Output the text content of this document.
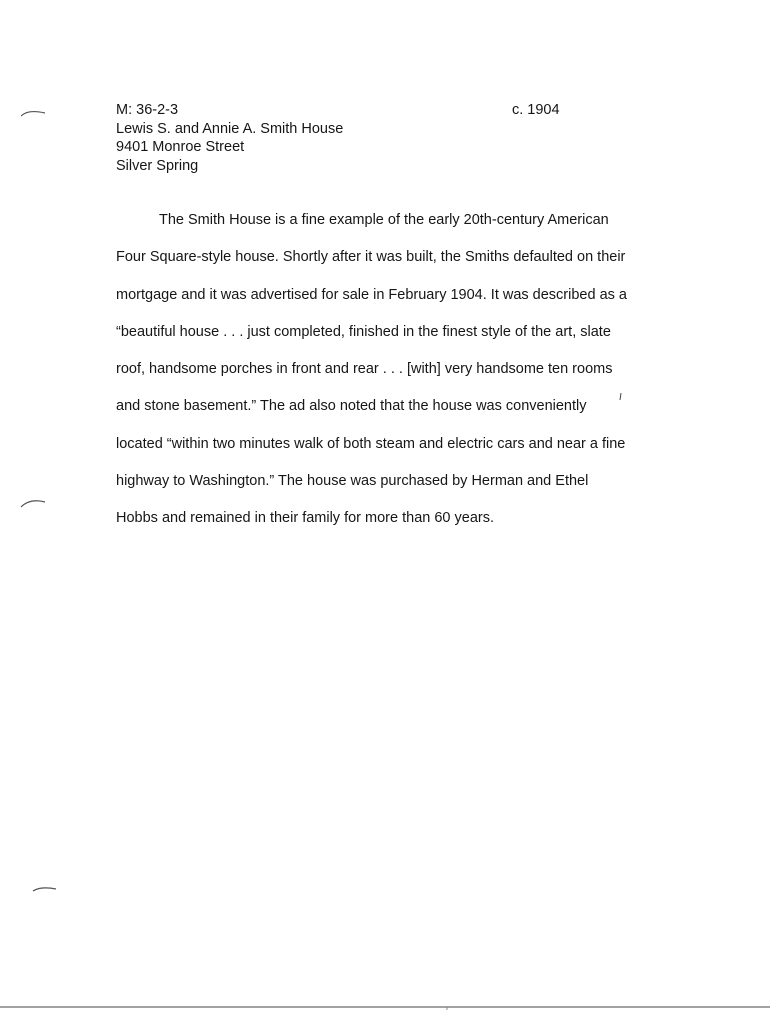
M: 36-2-3
Lewis S. and Annie A. Smith House
9401 Monroe Street
Silver Spring
c. 1904
The Smith House is a fine example of the early 20th-century American
Four Square-style house. Shortly after it was built, the Smiths defaulted on their
mortgage and it was advertised for sale in February 1904. It was described as a
“beautiful house . . . just completed, finished in the finest style of the art, slate
roof, handsome porches in front and rear . . . [with] very handsome ten rooms
and stone basement.” The ad also noted that the house was conveniently
located “within two minutes walk of both steam and electric cars and near a fine
highway to Washington.” The house was purchased by Herman and Ethel
Hobbs and remained in their family for more than 60 years.
